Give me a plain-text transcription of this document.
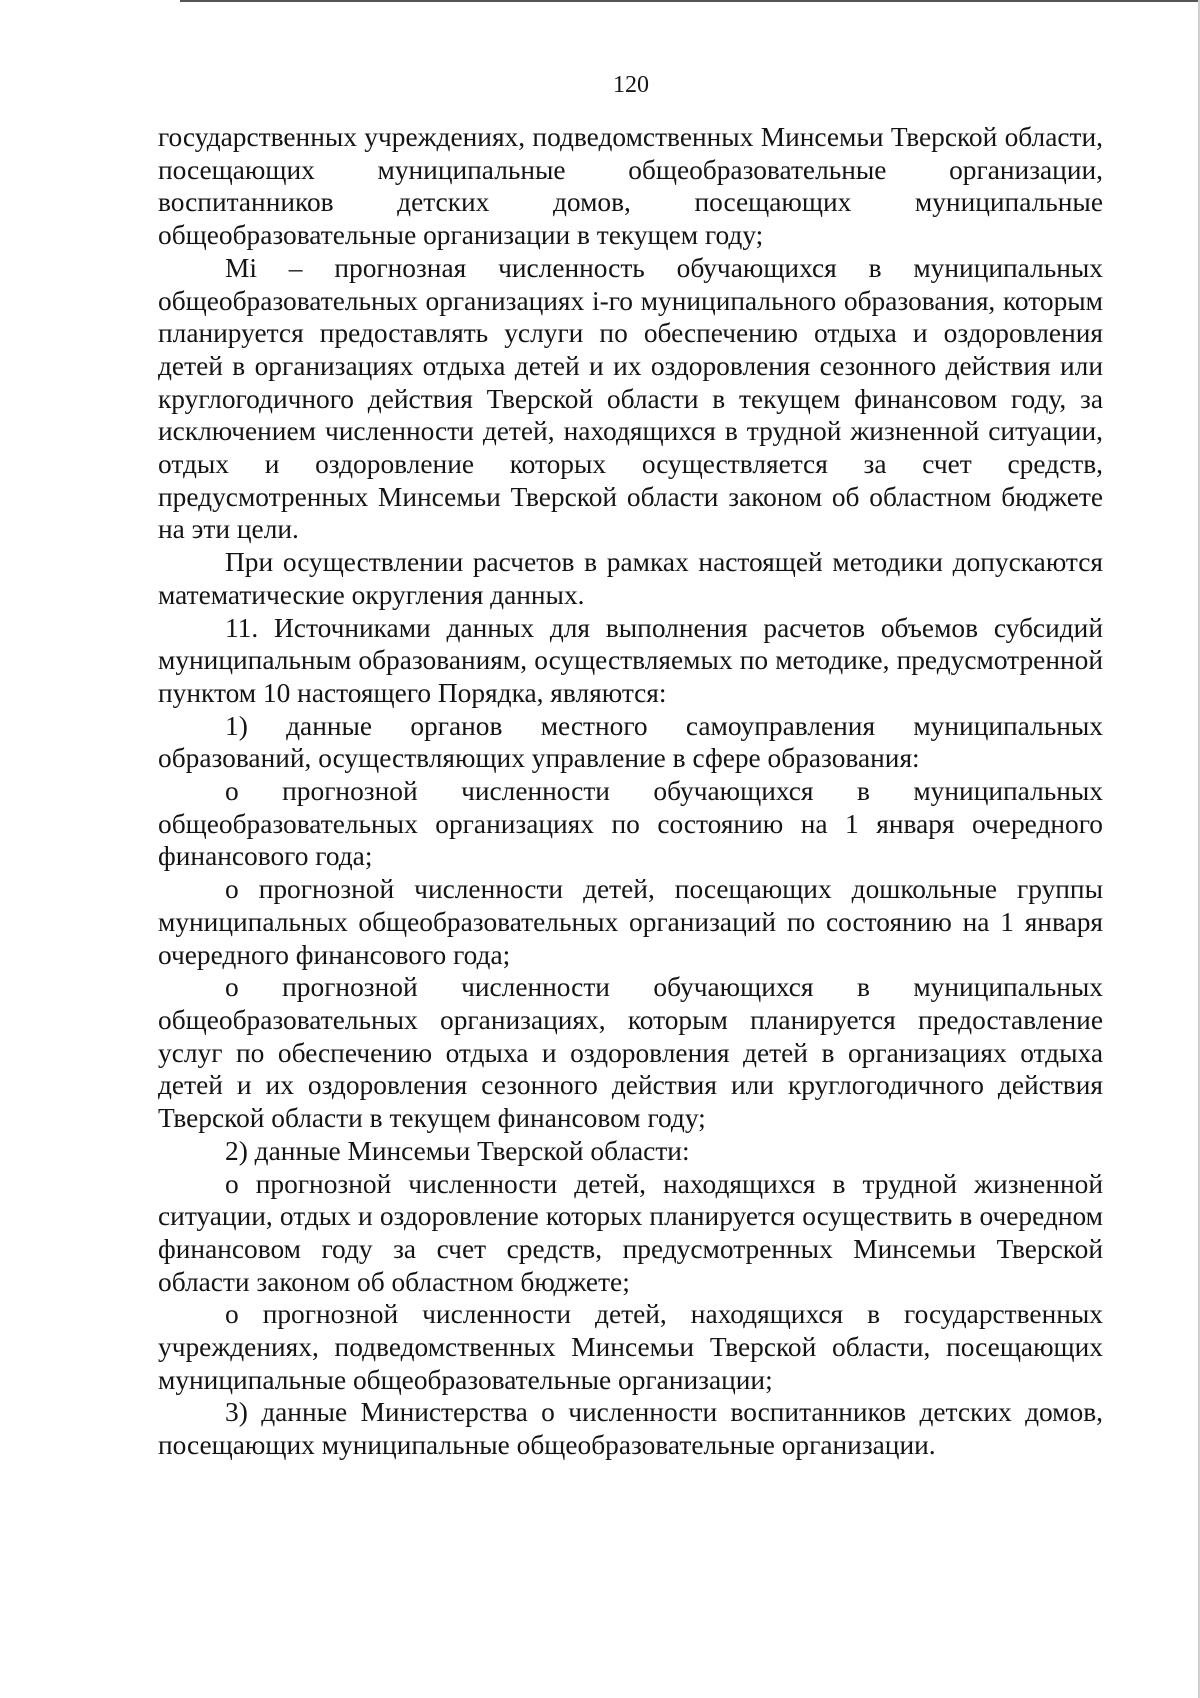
120

государственных учреждениях, подведомственных Минсемьи Тверской области, посещающих муниципальные общеобразовательные организации, воспитанников детских домов, посещающих муниципальные общеобразовательные организации в текущем году;

Mi – прогнозная численность обучающихся в муниципальных общеобразовательных организациях i-го муниципального образования, которым планируется предоставлять услуги по обеспечению отдыха и оздоровления детей в организациях отдыха детей и их оздоровления сезонного действия или круглогодичного действия Тверской области в текущем финансовом году, за исключением численности детей, находящихся в трудной жизненной ситуации, отдых и оздоровление которых осуществляется за счет средств, предусмотренных Минсемьи Тверской области законом об областном бюджете на эти цели.

При осуществлении расчетов в рамках настоящей методики допускаются математические округления данных.

11. Источниками данных для выполнения расчетов объемов субсидий муниципальным образованиям, осуществляемых по методике, предусмотренной пунктом 10 настоящего Порядка, являются:

1) данные органов местного самоуправления муниципальных образований, осуществляющих управление в сфере образования:

о прогнозной численности обучающихся в муниципальных общеобразовательных организациях по состоянию на 1 января очередного финансового года;

о прогнозной численности детей, посещающих дошкольные группы муниципальных общеобразовательных организаций по состоянию на 1 января очередного финансового года;

о прогнозной численности обучающихся в муниципальных общеобразовательных организациях, которым планируется предоставление услуг по обеспечению отдыха и оздоровления детей в организациях отдыха детей и их оздоровления сезонного действия или круглогодичного действия Тверской области в текущем финансовом году;

2) данные Минсемьи Тверской области:

о прогнозной численности детей, находящихся в трудной жизненной ситуации, отдых и оздоровление которых планируется осуществить в очередном финансовом году за счет средств, предусмотренных Минсемьи Тверской области законом об областном бюджете;

о прогнозной численности детей, находящихся в государственных учреждениях, подведомственных Минсемьи Тверской области, посещающих муниципальные общеобразовательные организации;

3) данные Министерства о численности воспитанников детских домов, посещающих муниципальные общеобразовательные организации.
